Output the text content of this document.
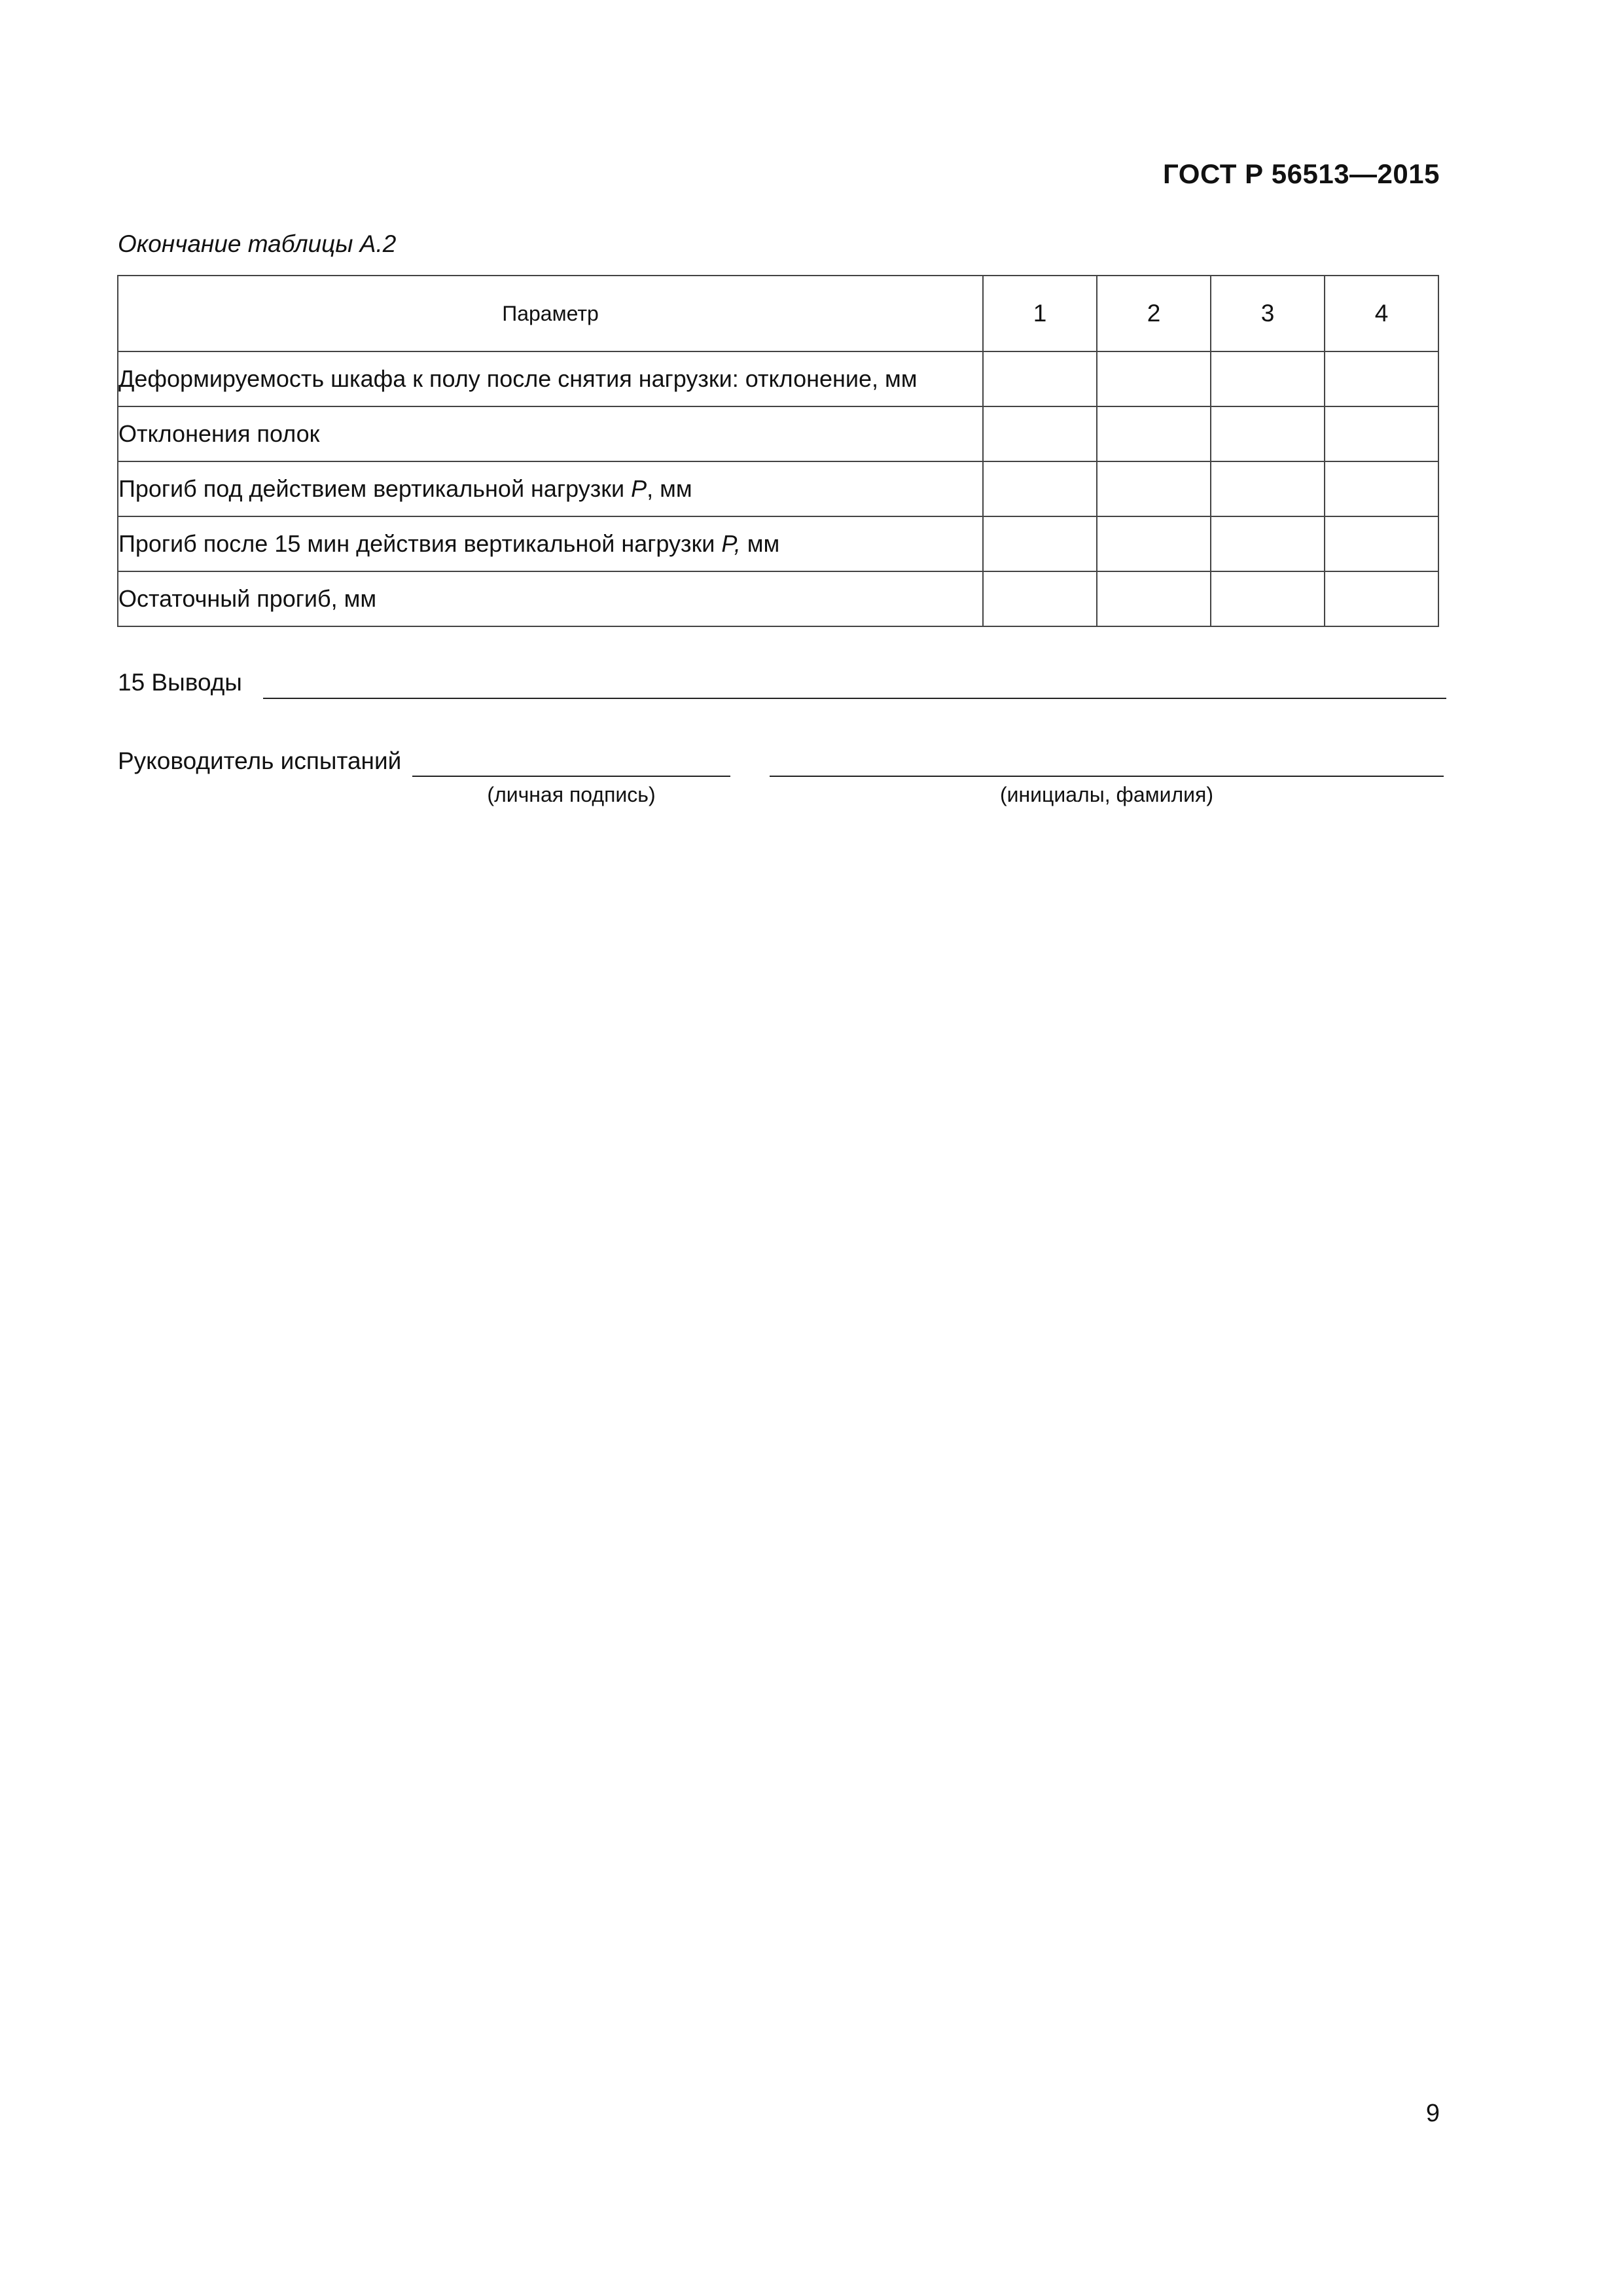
ГОСТ Р 56513—2015
Окончание таблицы А.2
Параметр	1	2	3	4
Деформируемость шкафа к полу после снятия нагрузки: отклонение, мм				
Отклонения полок				
Прогиб под действием вертикальной нагрузки P, мм				
Прогиб после 15 мин действия вертикальной нагрузки P, мм				
Остаточный прогиб, мм				
15 Выводы
Руководитель испытаний
(личная подпись)	(инициалы, фамилия)
9
